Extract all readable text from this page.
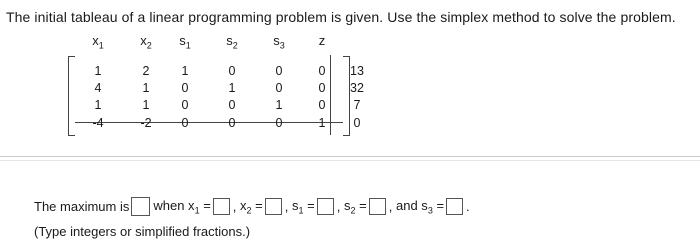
The initial tableau of a linear programming problem is given. Use the simplex method to solve the problem.
$x_1$	$x_2$ $s_1$	$s_2$	$s_3$	z
1	2	1	0	0	0 13
4	1	0	1	0	0 32
1	1	0	0	1	0 7
-4	-2 0	0	0	1 0
The maximum is when $x_1$ = ,
$x_2$ = ,
$s_1$ = ,
$s_2$ = ,
and $s_3$ = .
(Type integers or simplified fractions.)
